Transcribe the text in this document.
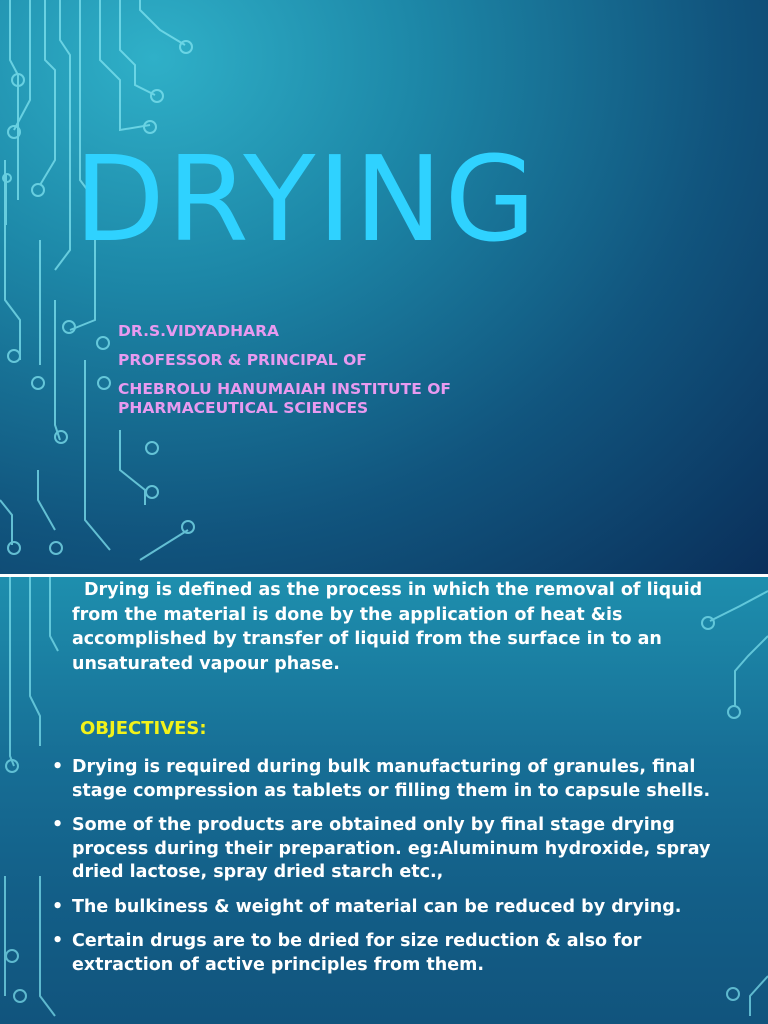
DRYING
DR.S.VIDYADHARA
PROFESSOR & PRINCIPAL OF
CHEBROLU HANUMAIAH INSTITUTE OF PHARMACEUTICAL SCIENCES
Drying is defined as the process in which the removal of liquid from the material is done by the application of heat &is accomplished by transfer of liquid from the surface in to an unsaturated vapour phase.
OBJECTIVES:
• Drying is required during bulk manufacturing of granules, final stage compression as tablets or filling them in to capsule shells.
• Some of the products are obtained only by final stage drying process during their preparation. eg:Aluminum hydroxide, spray dried lactose, spray dried starch etc.,
• The bulkiness & weight of material can be reduced by drying.
• Certain drugs are to be dried for size reduction & also for extraction of active principles from them.
